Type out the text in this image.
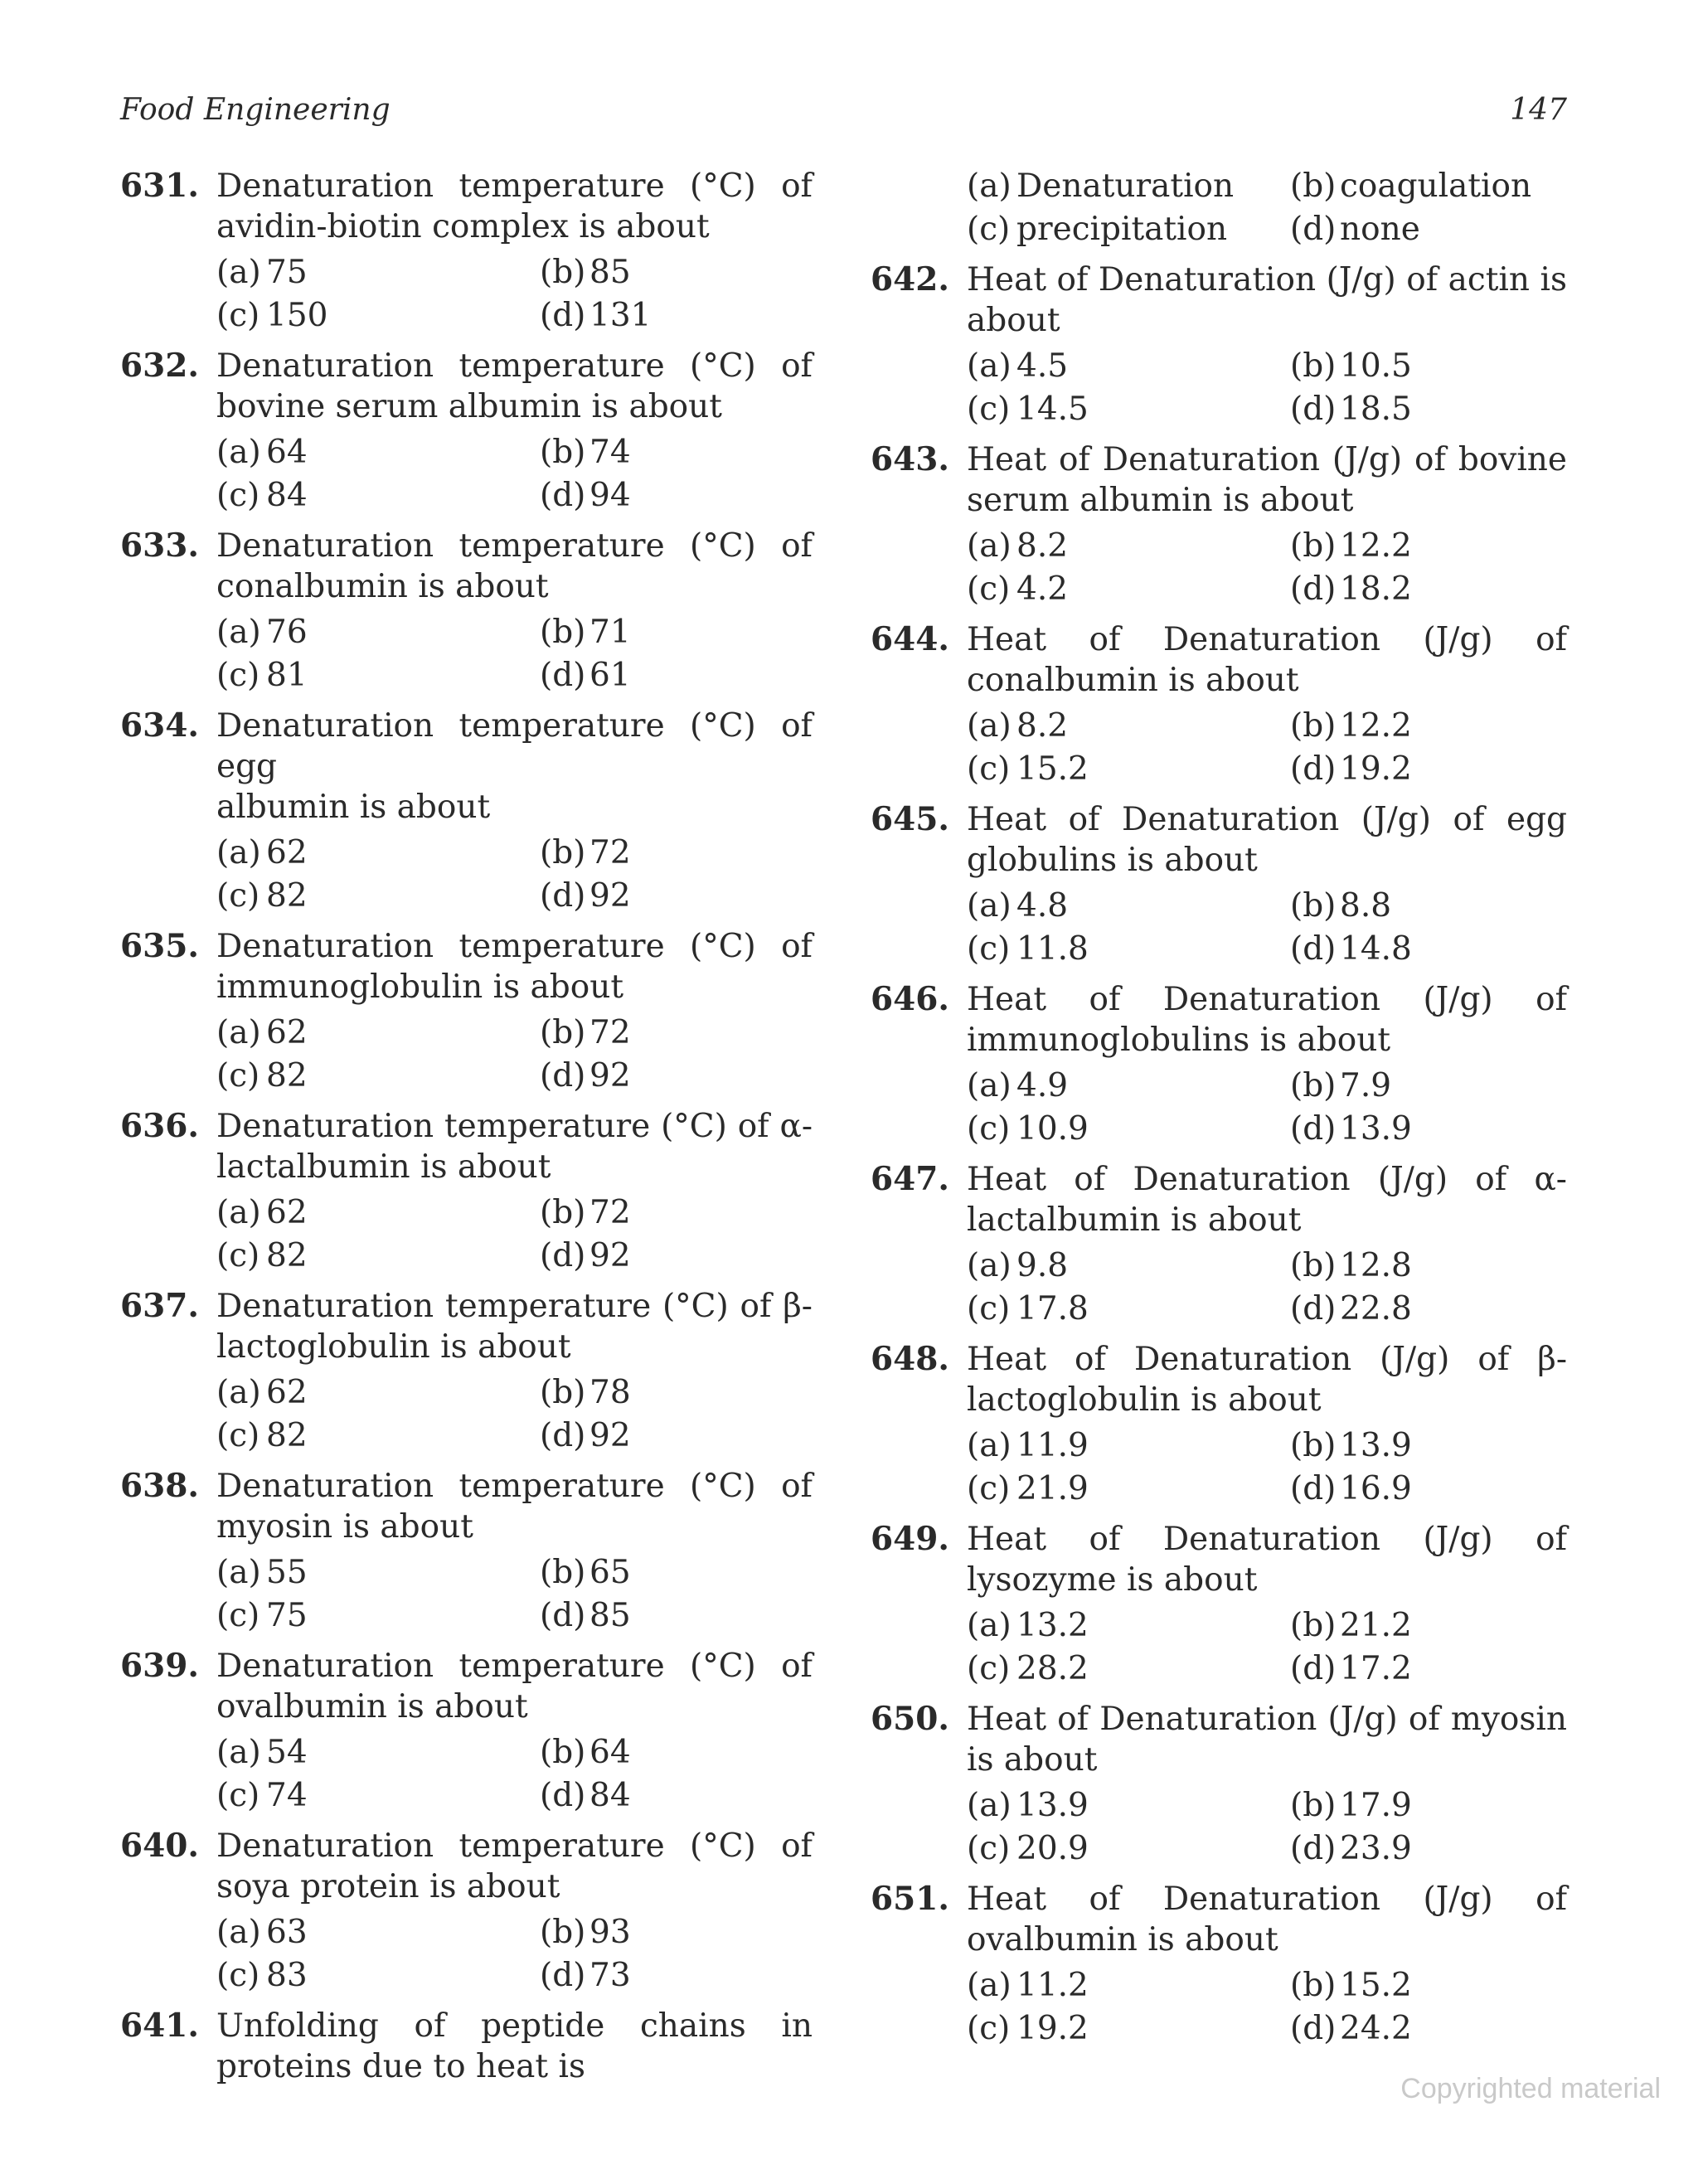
Food Engineering	147
631. Denaturation temperature (°C) of
avidin-biotin complex is about
(a) 75	(b) 85
(c) 150	(d) 131
632. Denaturation temperature (°C) of
bovine serum albumin is about
(a) 64	(b) 74
(c) 84	(d) 94
633. Denaturation temperature (°C) of
conalbumin is about
(a) 76	(b) 71
(c) 81	(d) 61
634. Denaturation temperature (°C) of egg
albumin is about
(a) 62	(b) 72
(c) 82	(d) 92
635. Denaturation temperature (°C) of
immunoglobulin is about
(a) 62	(b) 72
(c) 82	(d) 92
636. Denaturation temperature (°C) of α-
lactalbumin is about
(a) 62	(b) 72
(c) 82	(d) 92
637. Denaturation temperature (°C) of β-
lactoglobulin is about
(a) 62	(b) 78
(c) 82	(d) 92
638. Denaturation temperature (°C) of
myosin is about
(a) 55	(b) 65
(c) 75	(d) 85
639. Denaturation temperature (°C) of
ovalbumin is about
(a) 54	(b) 64
(c) 74	(d) 84
640. Denaturation temperature (°C) of
soya protein is about
(a) 63	(b) 93
(c) 83	(d) 73
641. Unfolding of peptide chains in
proteins due to heat is
(a) Denaturation	(b) coagulation
(c) precipitation	(d) none
642. Heat of Denaturation (J/g) of actin is
about
(a) 4.5	(b) 10.5
(c) 14.5	(d) 18.5
643. Heat of Denaturation (J/g) of bovine
serum albumin is about
(a) 8.2	(b) 12.2
(c) 4.2	(d) 18.2
644. Heat of Denaturation (J/g) of
conalbumin is about
(a) 8.2	(b) 12.2
(c) 15.2	(d) 19.2
645. Heat of Denaturation (J/g) of egg
globulins is about
(a) 4.8	(b) 8.8
(c) 11.8	(d) 14.8
646. Heat of Denaturation (J/g) of
immunoglobulins is about
(a) 4.9	(b) 7.9
(c) 10.9	(d) 13.9
647. Heat of Denaturation (J/g) of α-
lactalbumin is about
(a) 9.8	(b) 12.8
(c) 17.8	(d) 22.8
648. Heat of Denaturation (J/g) of β-
lactoglobulin is about
(a) 11.9	(b) 13.9
(c) 21.9	(d) 16.9
649. Heat of Denaturation (J/g) of
lysozyme is about
(a) 13.2	(b) 21.2
(c) 28.2	(d) 17.2
650. Heat of Denaturation (J/g) of myosin
is about
(a) 13.9	(b) 17.9
(c) 20.9	(d) 23.9
651. Heat of Denaturation (J/g) of
ovalbumin is about
(a) 11.2	(b) 15.2
(c) 19.2	(d) 24.2
Copyrighted material
